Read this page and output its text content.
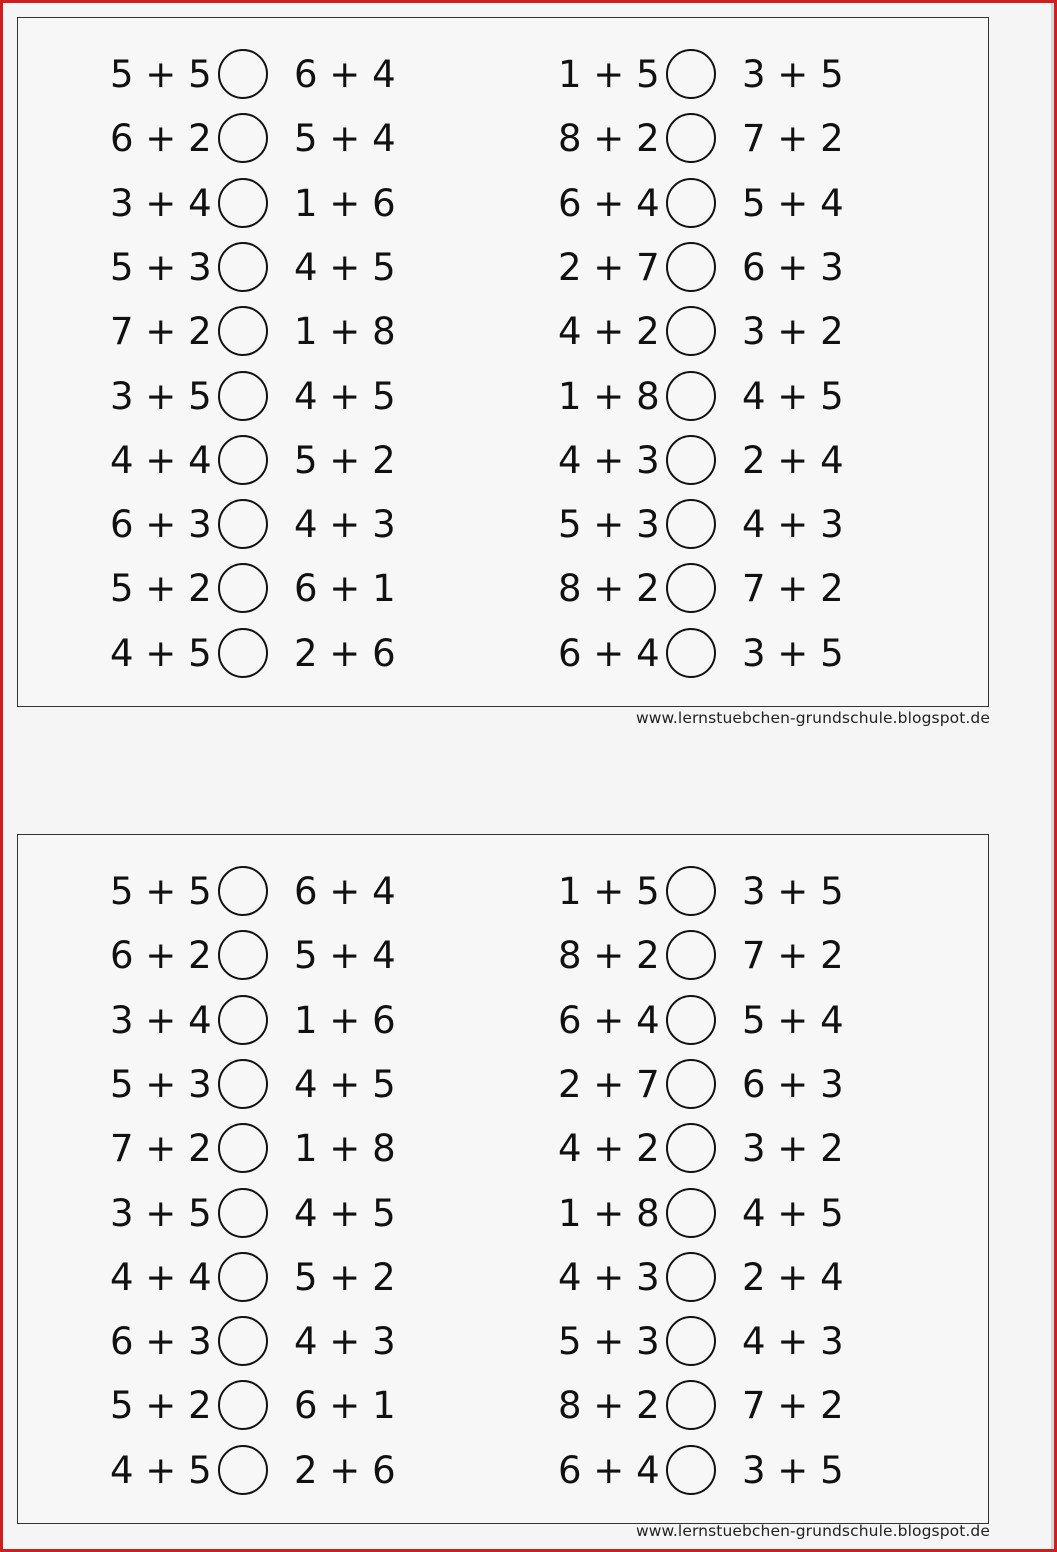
5 + 5 6 + 4
6 + 2 5 + 4
3 + 4 1 + 6
5 + 3 4 + 5
7 + 2 1 + 8
3 + 5 4 + 5
4 + 4 5 + 2
6 + 3 4 + 3
5 + 2 6 + 1
4 + 5 2 + 6
1 + 5 3 + 5
8 + 2 7 + 2
6 + 4 5 + 4
2 + 7 6 + 3
4 + 2 3 + 2
1 + 8 4 + 5
4 + 3 2 + 4
5 + 3 4 + 3
8 + 2 7 + 2
6 + 4 3 + 5
www.lernstuebchen-grundschule.blogspot.de
5 + 5 6 + 4
6 + 2 5 + 4
3 + 4 1 + 6
5 + 3 4 + 5
7 + 2 1 + 8
3 + 5 4 + 5
4 + 4 5 + 2
6 + 3 4 + 3
5 + 2 6 + 1
4 + 5 2 + 6
1 + 5 3 + 5
8 + 2 7 + 2
6 + 4 5 + 4
2 + 7 6 + 3
4 + 2 3 + 2
1 + 8 4 + 5
4 + 3 2 + 4
5 + 3 4 + 3
8 + 2 7 + 2
6 + 4 3 + 5
www.lernstuebchen-grundschule.blogspot.de
